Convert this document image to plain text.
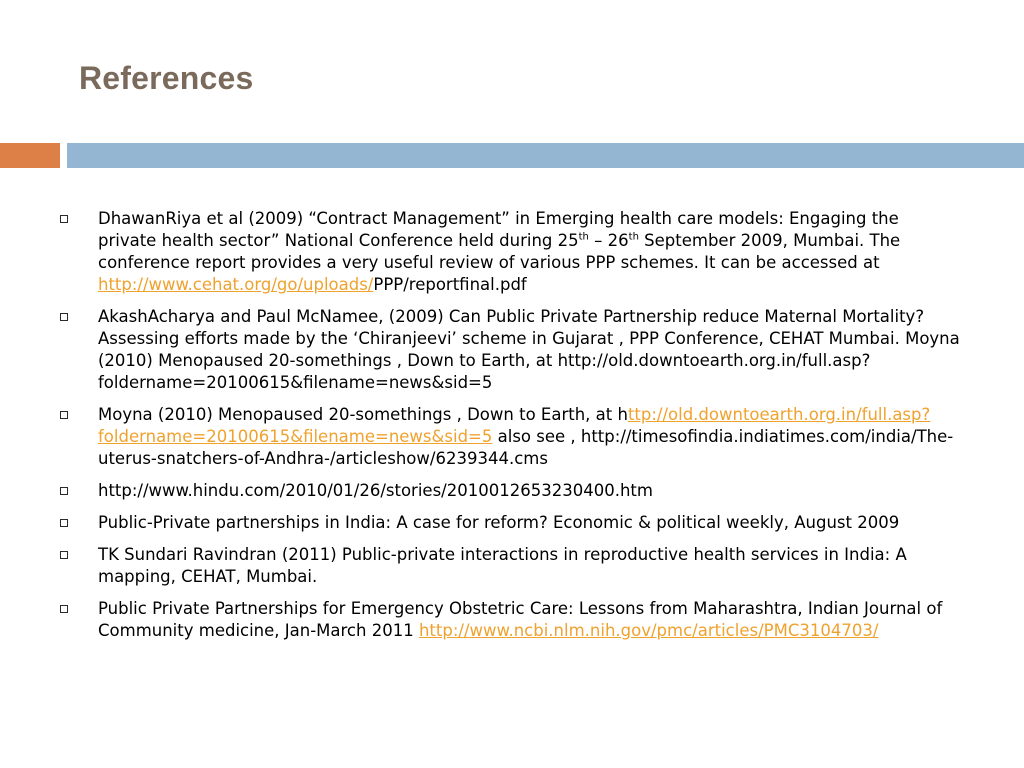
References
DhawanRiya et al (2009) “Contract Management” in Emerging health care models: Engaging the private health sector” National Conference held during 25th – 26th September 2009, Mumbai. The conference report provides a very useful review of various PPP schemes. It can be accessed at http://www.cehat.org/go/uploads/PPP/reportfinal.pdf
AkashAcharya and Paul McNamee, (2009) Can Public Private Partnership reduce Maternal Mortality? Assessing efforts made by the ‘Chiranjeevi’ scheme in Gujarat , PPP Conference, CEHAT Mumbai. Moyna (2010) Menopaused 20-somethings , Down to Earth, at http://old.downtoearth.org.in/full.asp?foldername=20100615&filename=news&sid=5
Moyna (2010) Menopaused 20-somethings , Down to Earth, at http://old.downtoearth.org.in/full.asp?foldername=20100615&filename=news&sid=5 also see , http://timesofindia.indiatimes.com/india/The-uterus-snatchers-of-Andhra-/articleshow/6239344.cms
http://www.hindu.com/2010/01/26/stories/2010012653230400.htm
Public-Private partnerships in India: A case for reform? Economic & political weekly, August 2009
TK Sundari Ravindran (2011) Public-private interactions in reproductive health services in India: A mapping, CEHAT, Mumbai.
Public Private Partnerships for Emergency Obstetric Care: Lessons from Maharashtra, Indian Journal of Community medicine, Jan-March 2011 http://www.ncbi.nlm.nih.gov/pmc/articles/PMC3104703/
